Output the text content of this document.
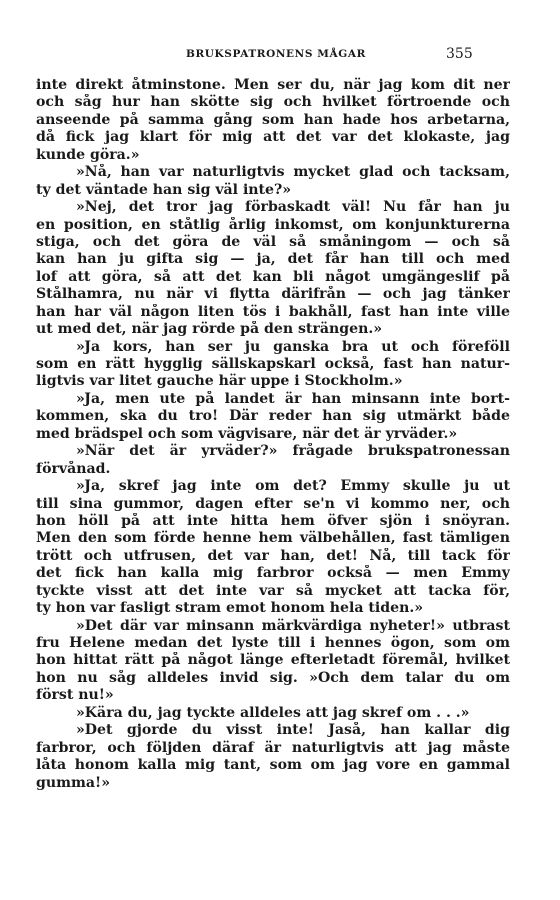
BRUKSPATRONENS MÅGAR	355
inte direkt åtminstone. Men ser du, när jag kom dit ner
och såg hur han skötte sig och hvilket förtroende och
anseende på samma gång som han hade hos arbetarna,
då fick jag klart för mig att det var det klokaste, jag
kunde göra.»
»Nå, han var naturligtvis mycket glad och tacksam,
ty det väntade han sig väl inte?»
»Nej, det tror jag förbaskadt väl! Nu får han ju
en position, en ståtlig årlig inkomst, om konjunkturerna
stiga, och det göra de väl så småningom — och så
kan han ju gifta sig — ja, det får han till och med
lof att göra, så att det kan bli något umgängeslif på
Stålhamra, nu när vi flytta därifrån — och jag tänker
han har väl någon liten tös i bakhåll, fast han inte ville
ut med det, när jag rörde på den strängen.»
»Ja kors, han ser ju ganska bra ut och föreföll
som en rätt hygglig sällskapskarl också, fast han natur-
ligtvis var litet gauche här uppe i Stockholm.»
»Ja, men ute på landet är han minsann inte bort-
kommen, ska du tro! Där reder han sig utmärkt både
med brädspel och som vägvisare, när det är yrväder.»
»När det är yrväder?» frågade brukspatronessan
förvånad.
»Ja, skref jag inte om det? Emmy skulle ju ut
till sina gummor, dagen efter se'n vi kommo ner, och
hon höll på att inte hitta hem öfver sjön i snöyran.
Men den som förde henne hem välbehållen, fast tämligen
trött och utfrusen, det var han, det! Nå, till tack för
det fick han kalla mig farbror också — men Emmy
tyckte visst att det inte var så mycket att tacka för,
ty hon var fasligt stram emot honom hela tiden.»
»Det där var minsann märkvärdiga nyheter!» utbrast
fru Helene medan det lyste till i hennes ögon, som om
hon hittat rätt på något länge efterletadt föremål, hvilket
hon nu såg alldeles invid sig. »Och dem talar du om
först nu!»
»Kära du, jag tyckte alldeles att jag skref om . . .»
»Det gjorde du visst inte! Jaså, han kallar dig
farbror, och följden däraf är naturligtvis att jag måste
låta honom kalla mig tant, som om jag vore en gammal
gumma!»
